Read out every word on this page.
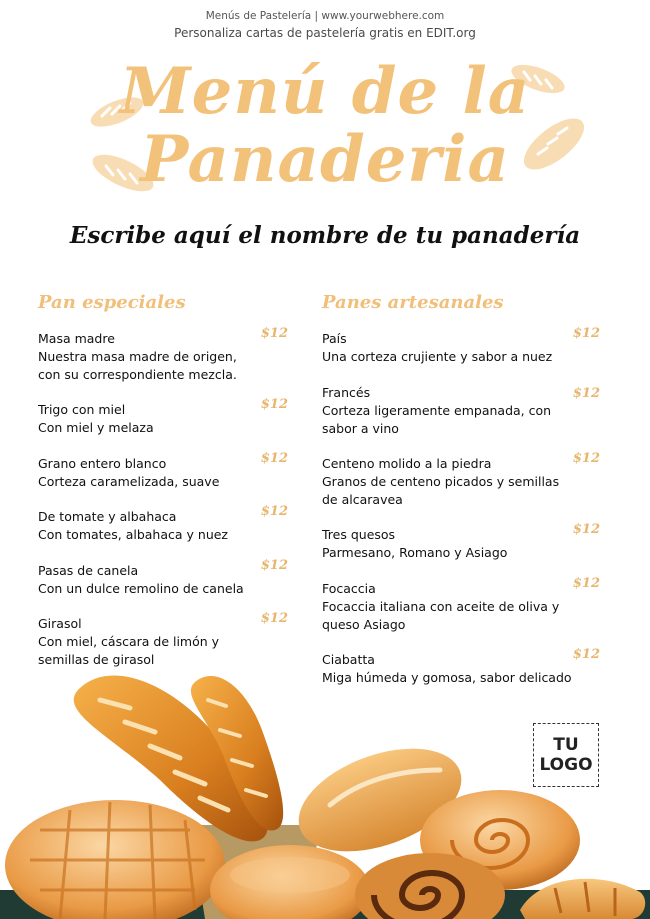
Menús de Pastelería | www.yourwebhere.com
Personaliza cartas de pastelería gratis en EDIT.org
Menú de la
Panaderia
Escribe aquí el nombre de tu panadería
Pan especiales
Masa madre
Nuestra masa madre de origen, con su correspondiente mezcla.
$12
Trigo con miel
Con miel y melaza
$12
Grano entero blanco
Corteza caramelizada, suave
$12
De tomate y albahaca
Con tomates, albahaca y nuez
$12
Pasas de canela
Con un dulce remolino de canela
$12
Girasol
Con miel, cáscara de limón y semillas de girasol
$12
Panes artesanales
País
Una corteza crujiente y sabor a nuez
$12
Francés
Corteza ligeramente empanada, con sabor a vino
$12
Centeno molido a la piedra
Granos de centeno picados y semillas de alcaravea
$12
Tres quesos
Parmesano, Romano y Asiago
$12
Focaccia
Focaccia italiana con aceite de oliva y queso Asiago
$12
Ciabatta
Miga húmeda y gomosa, sabor delicado
$12
TU
LOGO
